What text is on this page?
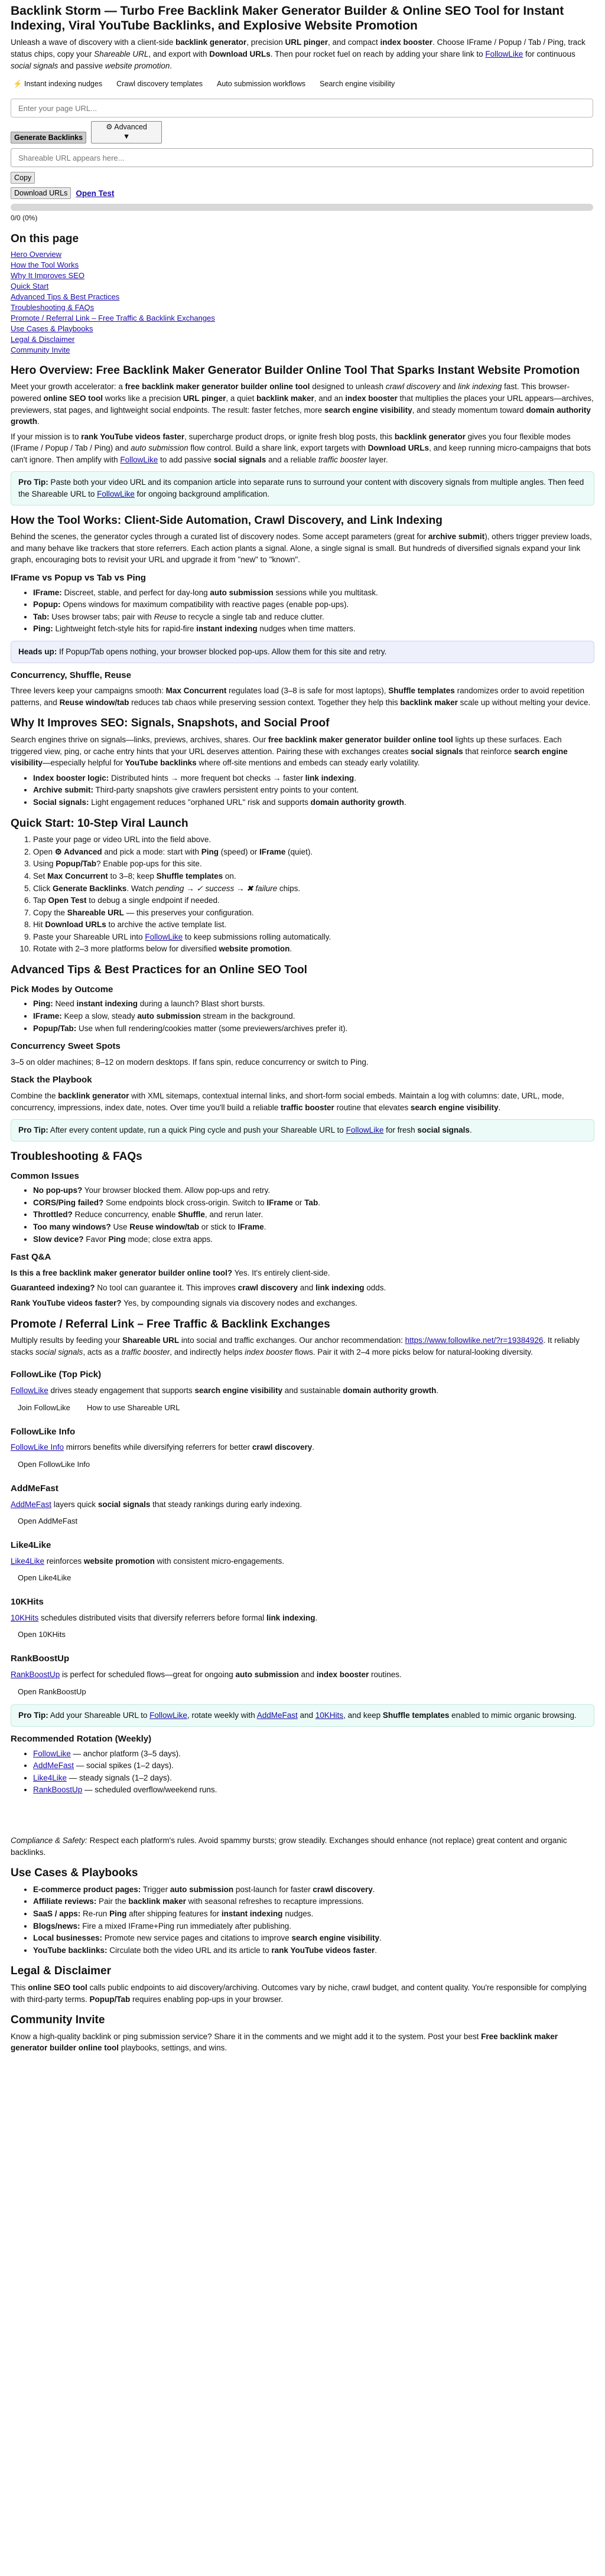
Backlink Storm — Turbo Free Backlink Maker Generator Builder & Online SEO Tool for Instant Indexing, Viral YouTube Backlinks, and Explosive Website Promotion

Unleash a wave of discovery with a client-side backlink generator, precision URL pinger, and compact index booster. Choose IFrame / Popup / Tab / Ping, track status chips, copy your Shareable URL, and export with Download URLs. Then pour rocket fuel on reach by adding your share link to FollowLike for continuous social signals and passive website promotion.

⚡ Instant indexing nudges	Crawl discovery templates	Auto submission workflows	Search engine visibility
Enter your page URL...
Generate Backlinks
⚙ Advanced
▼
Shareable URL appears here...
Copy
Download URLs	Open Test
0/0 (0%)
On this page
Hero Overview
How the Tool Works
Why It Improves SEO
Quick Start
Advanced Tips & Best Practices
Troubleshooting & FAQs
Promote / Referral Link – Free Traffic & Backlink Exchanges
Use Cases & Playbooks
Legal & Disclaimer
Community Invite
Hero Overview: Free Backlink Maker Generator Builder Online Tool That Sparks Instant Website Promotion

Meet your growth accelerator: a free backlink maker generator builder online tool designed to unleash crawl discovery and link indexing fast. This browser-powered online SEO tool works like a precision URL pinger, a quiet backlink maker, and an index booster that multiplies the places your URL appears—archives, previewers, stat pages, and lightweight social endpoints. The result: faster fetches, more search engine visibility, and steady momentum toward domain authority growth.

If your mission is to rank YouTube videos faster, supercharge product drops, or ignite fresh blog posts, this backlink generator gives you four flexible modes (IFrame / Popup / Tab / Ping) and auto submission flow control. Build a share link, export targets with Download URLs, and keep running micro-campaigns that bots can't ignore. Then amplify with FollowLike to add passive social signals and a reliable traffic booster layer.

Pro Tip: Paste both your video URL and its companion article into separate runs to surround your content with discovery signals from multiple angles. Then feed the Shareable URL to FollowLike for ongoing background amplification.
How the Tool Works: Client-Side Automation, Crawl Discovery, and Link Indexing

Behind the scenes, the generator cycles through a curated list of discovery nodes. Some accept parameters (great for archive submit), others trigger preview loads, and many behave like trackers that store referrers. Each action plants a signal. Alone, a single signal is small. But hundreds of diversified signals expand your link graph, encouraging bots to revisit your URL and upgrade it from "new" to "known".

IFrame vs Popup vs Tab vs Ping
• IFrame: Discreet, stable, and perfect for day-long auto submission sessions while you multitask.
• Popup: Opens windows for maximum compatibility with reactive pages (enable pop-ups).
• Tab: Uses browser tabs; pair with Reuse to recycle a single tab and reduce clutter.
• Ping: Lightweight fetch-style hits for rapid-fire instant indexing nudges when time matters.
Heads up: If Popup/Tab opens nothing, your browser blocked pop-ups. Allow them for this site and retry.
Concurrency, Shuffle, Reuse

Three levers keep your campaigns smooth: Max Concurrent regulates load (3–8 is safe for most laptops), Shuffle templates randomizes order to avoid repetition patterns, and Reuse window/tab reduces tab chaos while preserving session context. Together they help this backlink maker scale up without melting your device.

Why It Improves SEO: Signals, Snapshots, and Social Proof

Search engines thrive on signals—links, previews, archives, shares. Our free backlink maker generator builder online tool lights up these surfaces. Each triggered view, ping, or cache entry hints that your URL deserves attention. Pairing these with exchanges creates social signals that reinforce search engine visibility—especially helpful for YouTube backlinks where off-site mentions and embeds can steady early volatility.

• Index booster logic: Distributed hints → more frequent bot checks → faster link indexing.
• Archive submit: Third-party snapshots give crawlers persistent entry points to your content.
• Social signals: Light engagement reduces "orphaned URL" risk and supports domain authority growth.
Quick Start: 10-Step Viral Launch
1. Paste your page or video URL into the field above.
2. Open ⚙ Advanced and pick a mode: start with Ping (speed) or IFrame (quiet).
3. Using Popup/Tab? Enable pop-ups for this site.
4. Set Max Concurrent to 3–8; keep Shuffle templates on.
5. Click Generate Backlinks. Watch pending → ✓ success → ✖ failure chips.
6. Tap Open Test to debug a single endpoint if needed.
7. Copy the Shareable URL — this preserves your configuration.
8. Hit Download URLs to archive the active template list.
9. Paste your Shareable URL into FollowLike to keep submissions rolling automatically.
10. Rotate with 2–3 more platforms below for diversified website promotion.
Advanced Tips & Best Practices for an Online SEO Tool
Pick Modes by Outcome
• Ping: Need instant indexing during a launch? Blast short bursts.
• IFrame: Keep a slow, steady auto submission stream in the background.
• Popup/Tab: Use when full rendering/cookies matter (some previewers/archives prefer it).
Concurrency Sweet Spots

3–5 on older machines; 8–12 on modern desktops. If fans spin, reduce concurrency or switch to Ping.

Stack the Playbook

Combine the backlink generator with XML sitemaps, contextual internal links, and short-form social embeds. Maintain a log with columns: date, URL, mode, concurrency, impressions, index date, notes. Over time you'll build a reliable traffic booster routine that elevates search engine visibility.

Pro Tip: After every content update, run a quick Ping cycle and push your Shareable URL to FollowLike for fresh social signals.
Troubleshooting & FAQs
Common Issues
• No pop-ups? Your browser blocked them. Allow pop-ups and retry.
• CORS/Ping failed? Some endpoints block cross-origin. Switch to IFrame or Tab.
• Throttled? Reduce concurrency, enable Shuffle, and rerun later.
• Too many windows? Use Reuse window/tab or stick to IFrame.
• Slow device? Favor Ping mode; close extra apps.
Fast Q&A

Is this a free backlink maker generator builder online tool? Yes. It's entirely client-side.

Guaranteed indexing? No tool can guarantee it. This improves crawl discovery and link indexing odds.

Rank YouTube videos faster? Yes, by compounding signals via discovery nodes and exchanges.

Promote / Referral Link – Free Traffic & Backlink Exchanges

Multiply results by feeding your Shareable URL into social and traffic exchanges. Our anchor recommendation: https://www.followlike.net/?r=19384926. It reliably stacks social signals, acts as a traffic booster, and indirectly helps index booster flows. Pair it with 2–4 more picks below for natural-looking diversity.

FollowLike (Top Pick)

FollowLike drives steady engagement that supports search engine visibility and sustainable domain authority growth.

Join FollowLike	How to use Shareable URL
FollowLike Info

FollowLike Info mirrors benefits while diversifying referrers for better crawl discovery.

Open FollowLike Info
AddMeFast

AddMeFast layers quick social signals that steady rankings during early indexing.

Open AddMeFast
Like4Like

Like4Like reinforces website promotion with consistent micro-engagements.

Open Like4Like
10KHits

10KHits schedules distributed visits that diversify referrers before formal link indexing.

Open 10KHits
RankBoostUp

RankBoostUp is perfect for scheduled flows—great for ongoing auto submission and index booster routines.

Open RankBoostUp
Pro Tip: Add your Shareable URL to FollowLike, rotate weekly with AddMeFast and 10KHits, and keep Shuffle templates enabled to mimic organic browsing.
Recommended Rotation (Weekly)
• FollowLike — anchor platform (3–5 days).
• AddMeFast — social spikes (1–2 days).
• Like4Like — steady signals (1–2 days).
• RankBoostUp — scheduled overflow/weekend runs.

Compliance & Safety: Respect each platform's rules. Avoid spammy bursts; grow steadily. Exchanges should enhance (not replace) great content and organic backlinks.

Use Cases & Playbooks
• E-commerce product pages: Trigger auto submission post-launch for faster crawl discovery.
• Affiliate reviews: Pair the backlink maker with seasonal refreshes to recapture impressions.
• SaaS / apps: Re-run Ping after shipping features for instant indexing nudges.
• Blogs/news: Fire a mixed IFrame+Ping run immediately after publishing.
• Local businesses: Promote new service pages and citations to improve search engine visibility.
• YouTube backlinks: Circulate both the video URL and its article to rank YouTube videos faster.
Legal & Disclaimer

This online SEO tool calls public endpoints to aid discovery/archiving. Outcomes vary by niche, crawl budget, and content quality. You're responsible for complying with third-party terms. Popup/Tab requires enabling pop-ups in your browser.

Community Invite

Know a high-quality backlink or ping submission service? Share it in the comments and we might add it to the system. Post your best Free backlink maker generator builder online tool playbooks, settings, and wins.
